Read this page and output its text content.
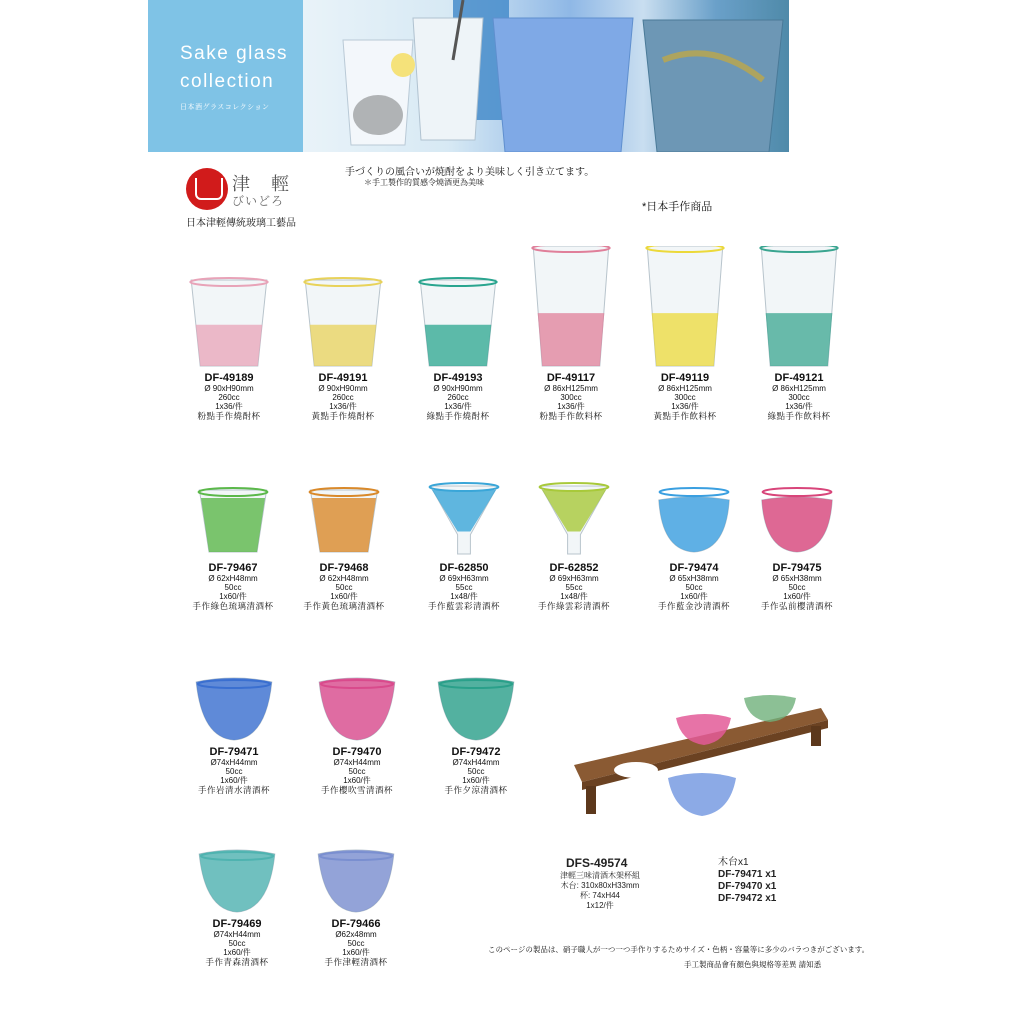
Sake glass
collection
日本酒グラスコレクション
津 輕
びいどろ
日本津輕傳統玻璃工藝品
手づくりの風合いが焼酎をより美味しく引き立てます。
＊手工製作的質感令燒酒更為美味
*日本手作商品
DF-49189
Ø 90xH90mm
260cc
1x36/件
粉點手作燒酎杯
DF-49191
Ø 90xH90mm
260cc
1x36/件
黃點手作燒酎杯
DF-49193
Ø 90xH90mm
260cc
1x36/件
綠點手作燒酎杯
DF-49117
Ø 86xH125mm
300cc
1x36/件
粉點手作飲料杯
DF-49119
Ø 86xH125mm
300cc
1x36/件
黃點手作飲料杯
DF-49121
Ø 86xH125mm
300cc
1x36/件
綠點手作飲料杯
DF-79467
Ø 62xH48mm
50cc
1x60/件
手作綠色琉璃清酒杯
DF-79468
Ø 62xH48mm
50cc
1x60/件
手作黃色琉璃清酒杯
DF-62850
Ø 69xH63mm
55cc
1x48/件
手作藍雲彩清酒杯
DF-62852
Ø 69xH63mm
55cc
1x48/件
手作綠雲彩清酒杯
DF-79474
Ø 65xH38mm
50cc
1x60/件
手作藍金沙清酒杯
DF-79475
Ø 65xH38mm
50cc
1x60/件
手作弘前櫻清酒杯
DF-79471
Ø74xH44mm
50cc
1x60/件
手作岩清水清酒杯
DF-79470
Ø74xH44mm
50cc
1x60/件
手作櫻吹雪清酒杯
DF-79472
Ø74xH44mm
50cc
1x60/件
手作夕涼清酒杯
DF-79469
Ø74xH44mm
50cc
1x60/件
手作青森清酒杯
DF-79466
Ø62x48mm
50cc
1x60/件
手作津輕清酒杯
DFS-49574
津輕三味清酒木架杯組
木台: 310x80xH33mm
杯: 74xH44
1x12/件
木台x1
DF-79471 x1
DF-79470 x1
DF-79472 x1
このページの製品は、硝子職人が一つ一つ手作りするためサイズ・色柄・容量等に多少のバラつきがございます。
手工製商品會有顏色與規格等差異 請知悉
